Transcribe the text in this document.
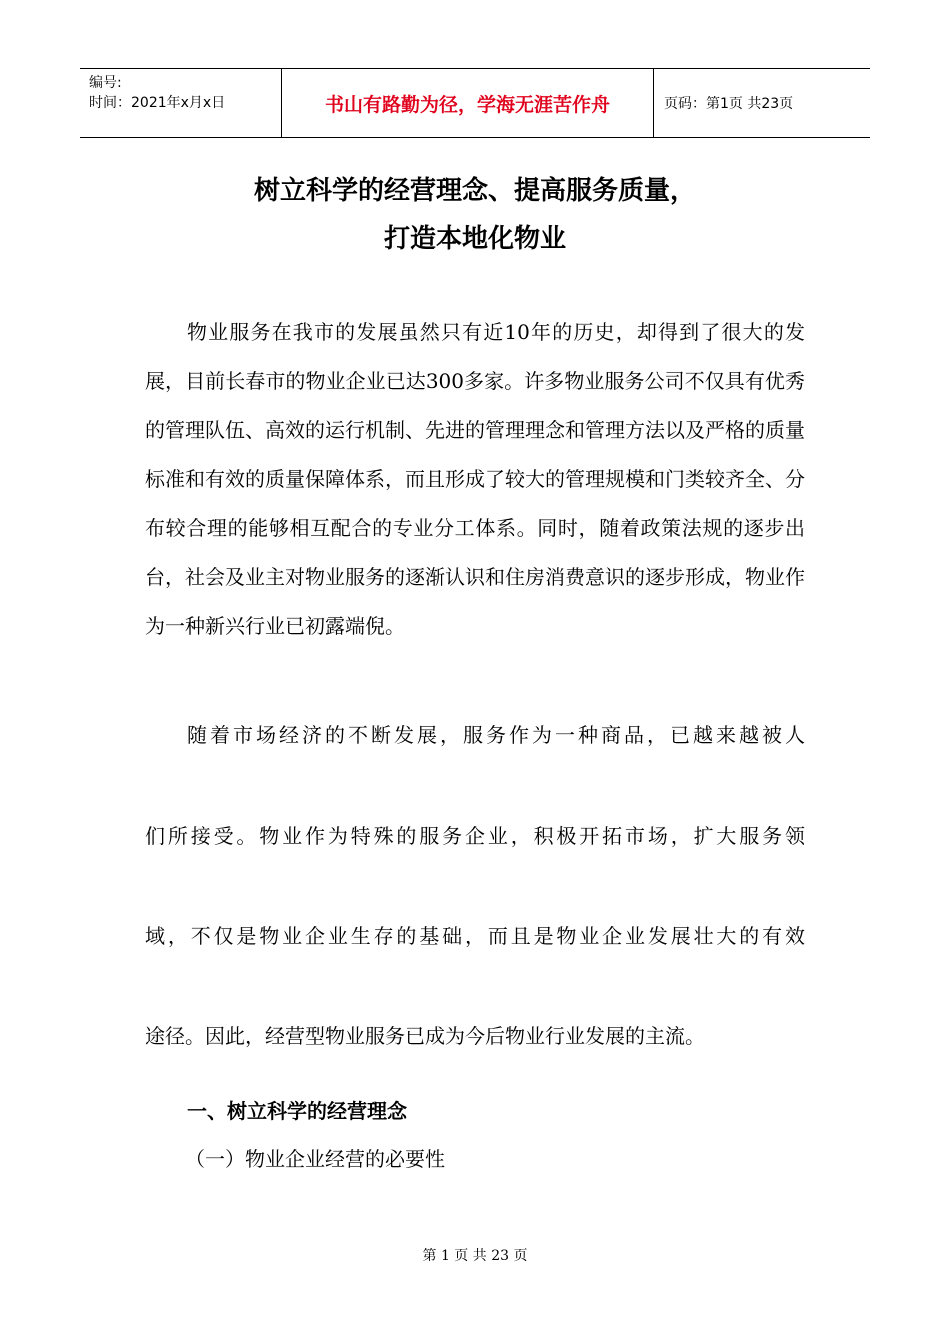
编号:
时间：2021年x月x日	书山有路勤为径，学海无涯苦作舟	页码：第1页 共23页
树立科学的经营理念、提高服务质量，
打造本地化物业

物业服务在我市的发展虽然只有近10年的历史，却得到了很大的发展，目前长春市的物业企业已达300多家。许多物业服务公司不仅具有优秀的管理队伍、高效的运行机制、先进的管理理念和管理方法以及严格的质量标准和有效的质量保障体系，而且形成了较大的管理规模和门类较齐全、分布较合理的能够相互配合的专业分工体系。同时，随着政策法规的逐步出台，社会及业主对物业服务的逐渐认识和住房消费意识的逐步形成，物业作为一种新兴行业已初露端倪。

随着市场经济的不断发展，服务作为一种商品，已越来越被人

们所接受。物业作为特殊的服务企业，积极开拓市场，扩大服务领

域，不仅是物业企业生存的基础，而且是物业企业发展壮大的有效

途径。因此，经营型物业服务已成为今后物业行业发展的主流。

一、树立科学的经营理念
（一）物业企业经营的必要性
第 1 页 共 23 页
